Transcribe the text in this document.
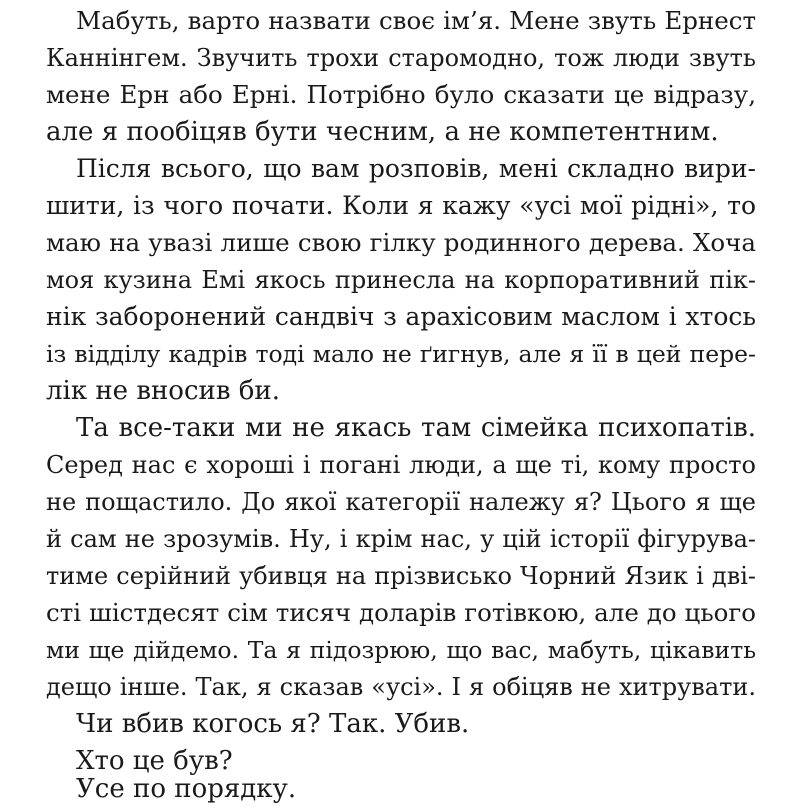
Мабуть, варто назвати своє ім’я. Мене звуть Ернест
Каннінгем. Звучить трохи старомодно, тож люди звуть
мене Ерн або Ерні. Потрібно було сказати це відразу,
але я пообіцяв бути чесним, а не компетентним.
Після всього, що вам розповів, мені складно вири-
шити, із чого почати. Коли я кажу «усі мої рідні», то
маю на увазі лише свою гілку родинного дерева. Хоча
моя кузина Емі якось принесла на корпоративний пік-
нік заборонений сандвіч з арахісовим маслом і хтось
із відділу кадрів тоді мало не ґигнув, але я її в цей пере-
лік не вносив би.
Та все-таки ми не якась там сімейка психопатів.
Серед нас є хороші і погані люди, а ще ті, кому просто
не пощастило. До якої категорії належу я? Цього я ще
й сам не зрозумів. Ну, і крім нас, у цій історії фігурува-
тиме серійний убивця на прізвисько Чорний Язик і дві-
сті шістдесят сім тисяч доларів готівкою, але до цього
ми ще дійдемо. Та я підозрюю, що вас, мабуть, цікавить
дещо інше. Так, я сказав «усі». І я обіцяв не хитрувати.
Чи вбив когось я? Так. Убив.
Хто це був?
Усе по порядку.
